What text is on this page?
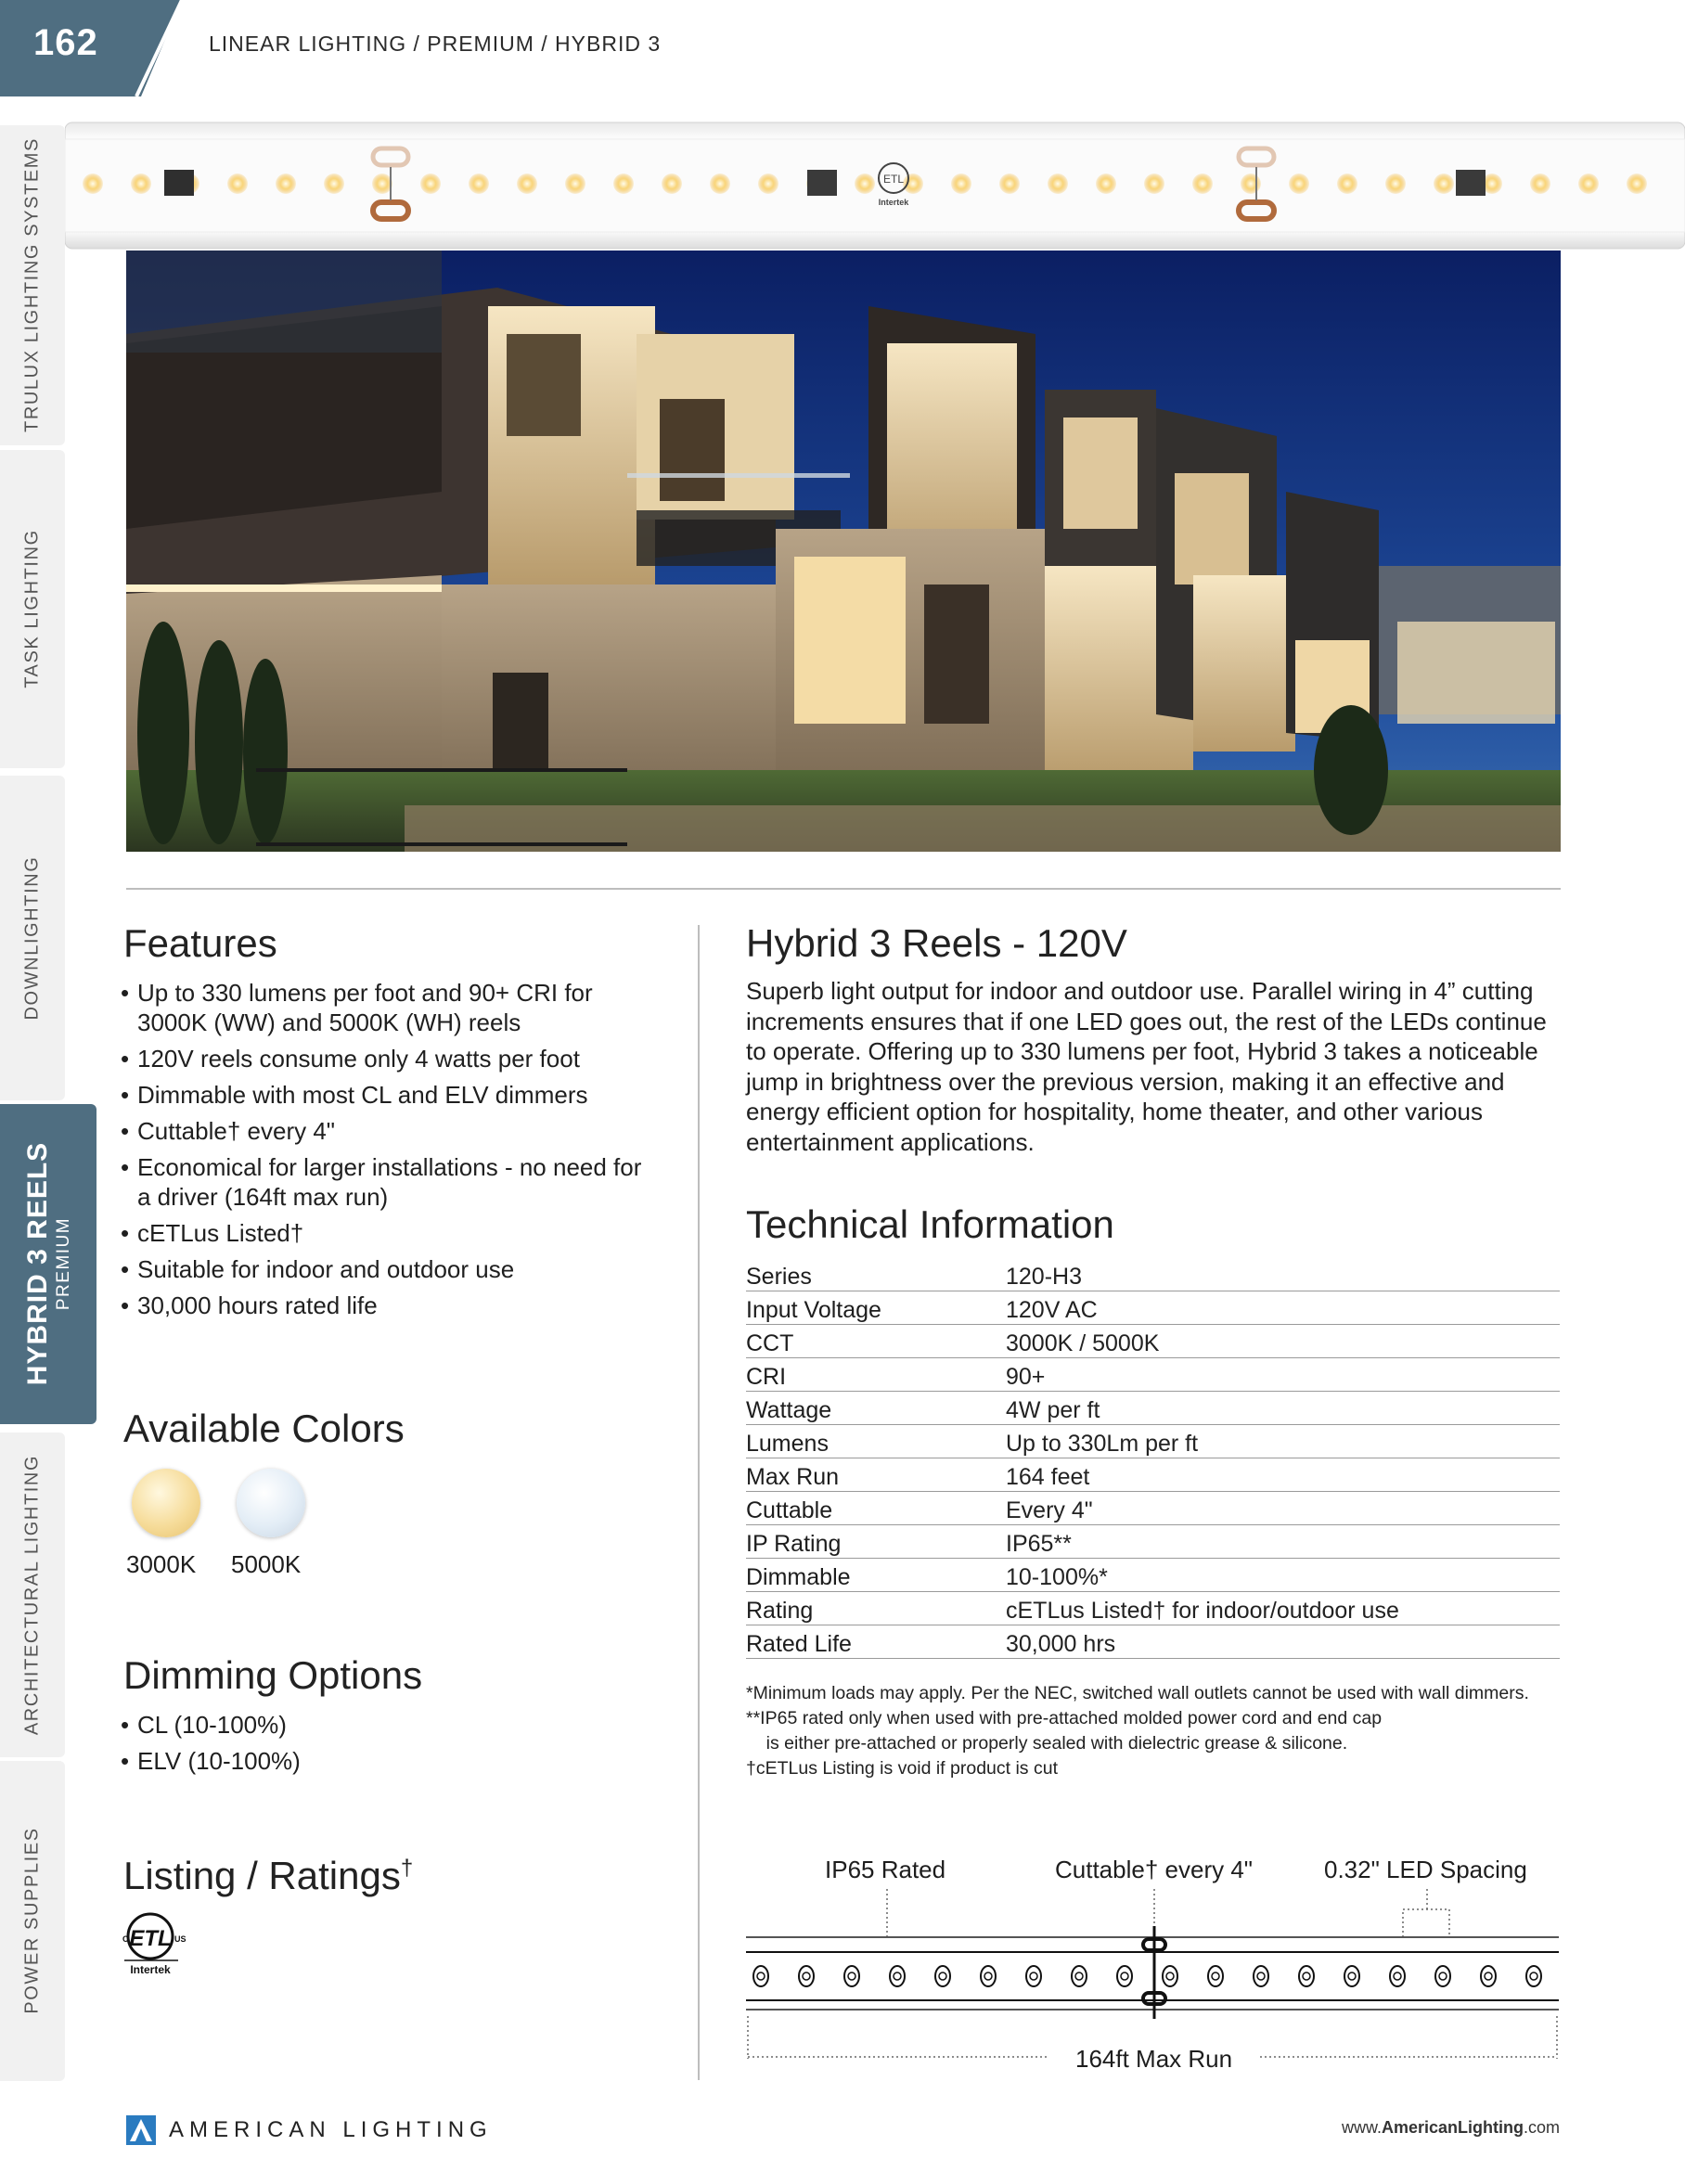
162	LINEAR LIGHTING / PREMIUM / HYBRID 3
TRULUX LIGHTING SYSTEMS
TASK LIGHTING
DOWNLIGHTING
HYBRID 3 REELS PREMIUM
ARCHITECTURAL LIGHTING
POWER SUPPLIES
ETL
Intertek
Features
• Up to 330 lumens per foot and 90+ CRI for 3000K (WW) and 5000K (WH) reels
• 120V reels consume only 4 watts per foot
• Dimmable with most CL and ELV dimmers
• Cuttable† every 4"
• Economical for larger installations - no need for a driver (164ft max run)
• cETLus Listed†
• Suitable for indoor and outdoor use
• 30,000 hours rated life
Available Colors
3000K 5000K
Dimming Options
• CL (10-100%)
• ELV (10-100%)
Listing / Ratings†
ETL
C	US
Intertek
Hybrid 3 Reels - 120V
Superb light output for indoor and outdoor use. Parallel wiring in 4” cutting increments ensures that if one LED goes out, the rest of the LEDs continue to operate. Offering up to 330 lumens per foot, Hybrid 3 takes a noticeable jump in brightness over the previous version, making it an effective and energy efficient option for hospitality, home theater, and other various entertainment applications.
Technical Information
Series	120-H3
Input Voltage	120V AC
CCT	3000K / 5000K
CRI	90+
Wattage	4W per ft
Lumens	Up to 330Lm per ft
Max Run	164 feet
Cuttable	Every 4"
IP Rating	IP65**
Dimmable	10-100%*
Rating	cETLus Listed† for indoor/outdoor use
Rated Life	30,000 hrs
*Minimum loads may apply. Per the NEC, switched wall outlets cannot be used with wall dimmers.
**IP65 rated only when used with pre-attached molded power cord and end cap
is either pre-attached or properly sealed with dielectric grease & silicone.
†cETLus Listing is void if product is cut
IP65 Rated	Cuttable† every 4"	0.32" LED Spacing
164ft Max Run
AMERICAN LIGHTING	www.AmericanLighting.com
